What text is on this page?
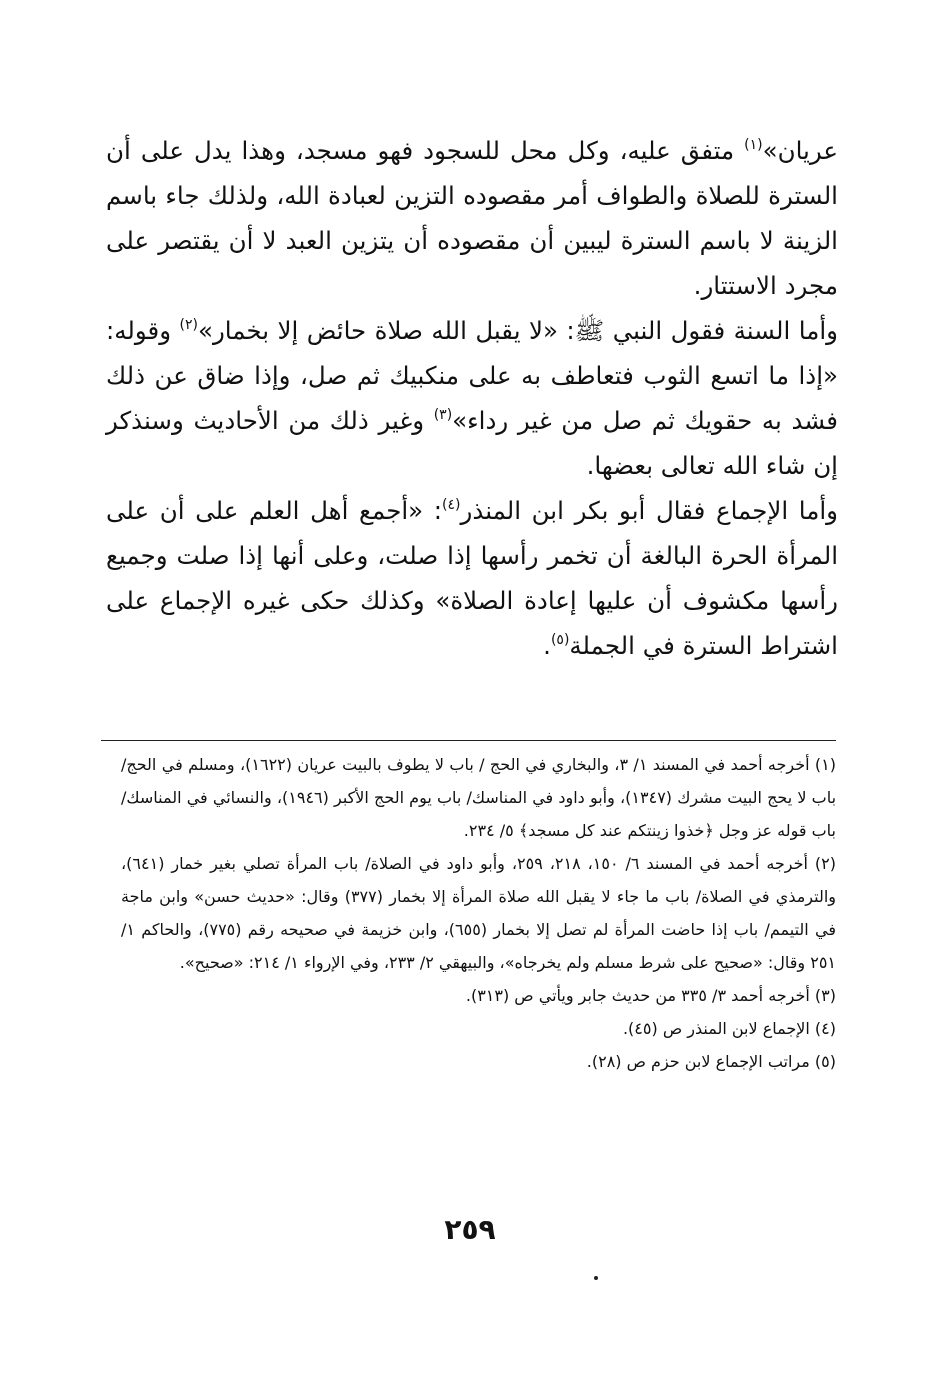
عريان»$^{(١)}$ متفق عليه، وكل محل للسجود فهو مسجد، وهذا يدل على أن الستر‌ة للصلاة والطواف أمر مقصوده التزين لعبادة الله، ولذلك جاء باسم الزينة لا باسم الستر‌ة ليبين أن مقصوده أن يتزين العبد لا أن يقتصر على مجرد الاستتار.

وأما السنة فقول النبي ﷺ: «لا يقبل الله صلاة حائض إلا بخمار»$^{(٢)}$ وقوله: «إذا ما اتسع الثوب فتعاطف به على منكبيك ثم صل، وإذا ضاق عن ذلك فشد به حقويك ثم صل من غير رداء»$^{(٣)}$ وغير ذلك من الأحاديث وسنذكر إن شاء الله تعالى بعضها.

وأما الإجماع فقال أبو بكر ابن المنذر$^{(٤)}$: «أجمع أهل العلم على أن على المرأة الحرة البالغة أن تخمر رأسها إذا صلت، وعلى أنها إذا صلت وجميع رأسها مكشوف أن عليها إعادة الصلاة» وكذلك حكى غيره الإجماع على اشتراط الستر‌ة في الجملة$^{(٥)}$.

(١) أخرجه أحمد في المسند ١/ ٣، والبخاري في الحج / باب لا يطوف بالبيت عريان (١٦٢٢)، ومسلم في الحج/ باب لا يحج البيت مشرك (١٣٤٧)، وأبو داود في المناسك/ باب يوم الحج الأكبر (١٩٤٦)، والنسائي في المناسك/ باب قوله عز وجل ﴿خذوا زينتكم عند كل مسجد﴾ ٥/ ٢٣٤.

(٢) أخرجه أحمد في المسند ٦/ ١٥٠، ٢١٨، ٢٥٩، وأبو داود في الصلاة/ باب المرأة تصلي بغير خمار (٦٤١)، والترمذي في الصلاة/ باب ما جاء لا يقبل الله صلاة المرأة إلا بخمار (٣٧٧) وقال: «حديث حسن» وابن ماجة في التيمم/ باب إذا حاضت المرأة لم تصل إلا بخمار (٦٥٥)، وابن خزيمة في صحيحه رقم (٧٧٥)، والحاكم ١/ ٢٥١ وقال: «صحيح على شرط مسلم ولم يخرجاه»، والبيهقي ٢/ ٢٣٣، وفي الإرواء ١/ ٢١٤: «صحيح».

(٣) أخرجه أحمد ٣/ ٣٣٥ من حديث جابر ويأتي ص (٣١٣).

(٤) الإجماع لابن المنذر ص (٤٥).

(٥) مراتب الإجماع لابن حزم ص (٢٨).

٢٥٩
